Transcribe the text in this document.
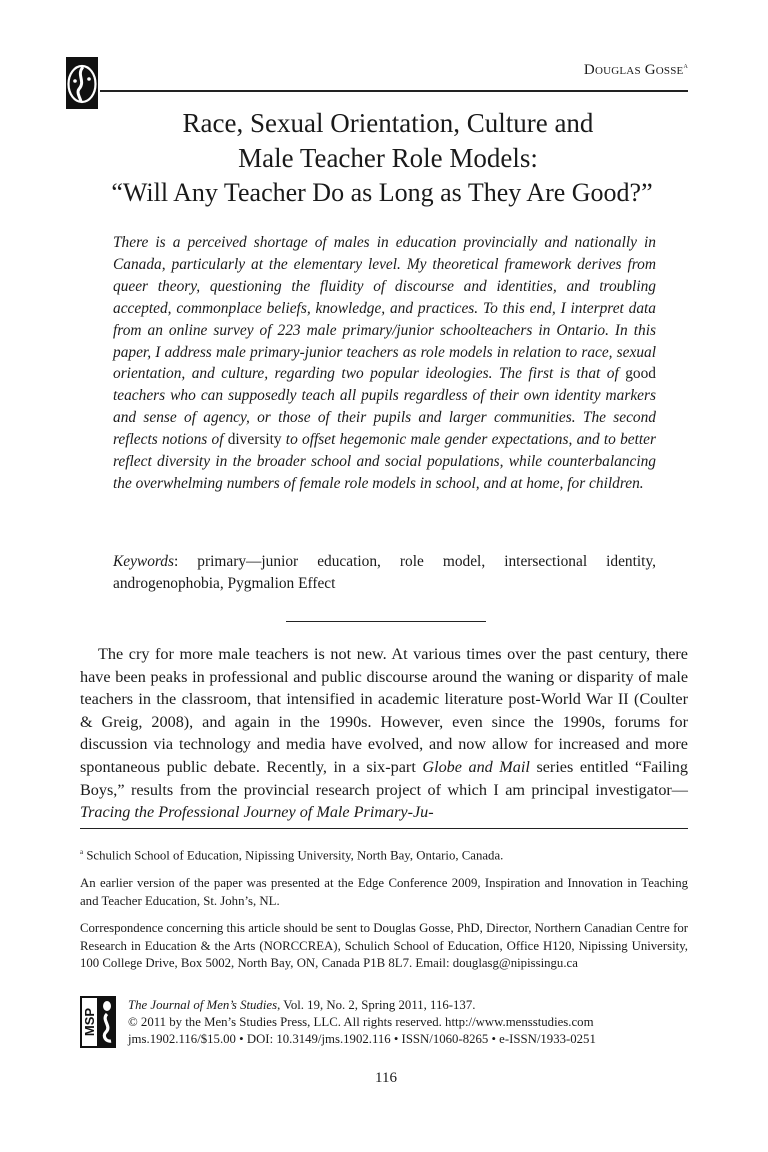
Douglas Gosse$^a$
Race, Sexual Orientation, Culture and
Male Teacher Role Models:
“Will Any Teacher Do as Long as They Are Good?”

There is a perceived shortage of males in education provincially and nationally in Canada, particularly at the elementary level. My theoretical framework derives from queer theory, questioning the fluidity of discourse and identities, and troubling accepted, commonplace beliefs, knowledge, and practices. To this end, I interpret data from an online survey of 223 male primary/junior schoolteachers in Ontario. In this paper, I address male primary-junior teachers as role models in relation to race, sexual orientation, and culture, regarding two popular ideologies. The first is that of good teachers who can supposedly teach all pupils regardless of their own identity markers and sense of agency, or those of their pupils and larger communities. The second reflects notions of diversity to offset hegemonic male gender expectations, and to better reflect diversity in the broader school and social populations, while counterbalancing the overwhelming numbers of female role models in school, and at home, for children.

Keywords: primary—junior education, role model, intersectional identity, androgenophobia, Pygmalion Effect

The cry for more male teachers is not new. At various times over the past century, there have been peaks in professional and public discourse around the waning or disparity of male teachers in the classroom, that intensified in academic literature post-World War II (Coulter & Greig, 2008), and again in the 1990s. However, even since the 1990s, forums for discussion via technology and media have evolved, and now allow for increased and more spontaneous public debate. Recently, in a six-part Globe and Mail series entitled “Failing Boys,” results from the provincial research project of which I am principal investigator—Tracing the Professional Journey of Male Primary-Ju-

$^a$ Schulich School of Education, Nipissing University, North Bay, Ontario, Canada.

An earlier version of the paper was presented at the Edge Conference 2009, Inspiration and Innovation in Teaching and Teacher Education, St. John’s, NL.

Correspondence concerning this article should be sent to Douglas Gosse, PhD, Director, Northern Canadian Centre for Research in Education & the Arts (NORCCREA), Schulich School of Education, Office H120, Nipissing University, 100 College Drive, Box 5002, North Bay, ON, Canada P1B 8L7. Email: douglasg@nipissingu.ca

MSP
The Journal of Men’s Studies, Vol. 19, No. 2, Spring 2011, 116-137.
© 2011 by the Men’s Studies Press, LLC. All rights reserved. http://www.mensstudies.com
jms.1902.116/$15.00 • DOI: 10.3149/jms.1902.116 • ISSN/1060-8265 • e-ISSN/1933-0251
116
